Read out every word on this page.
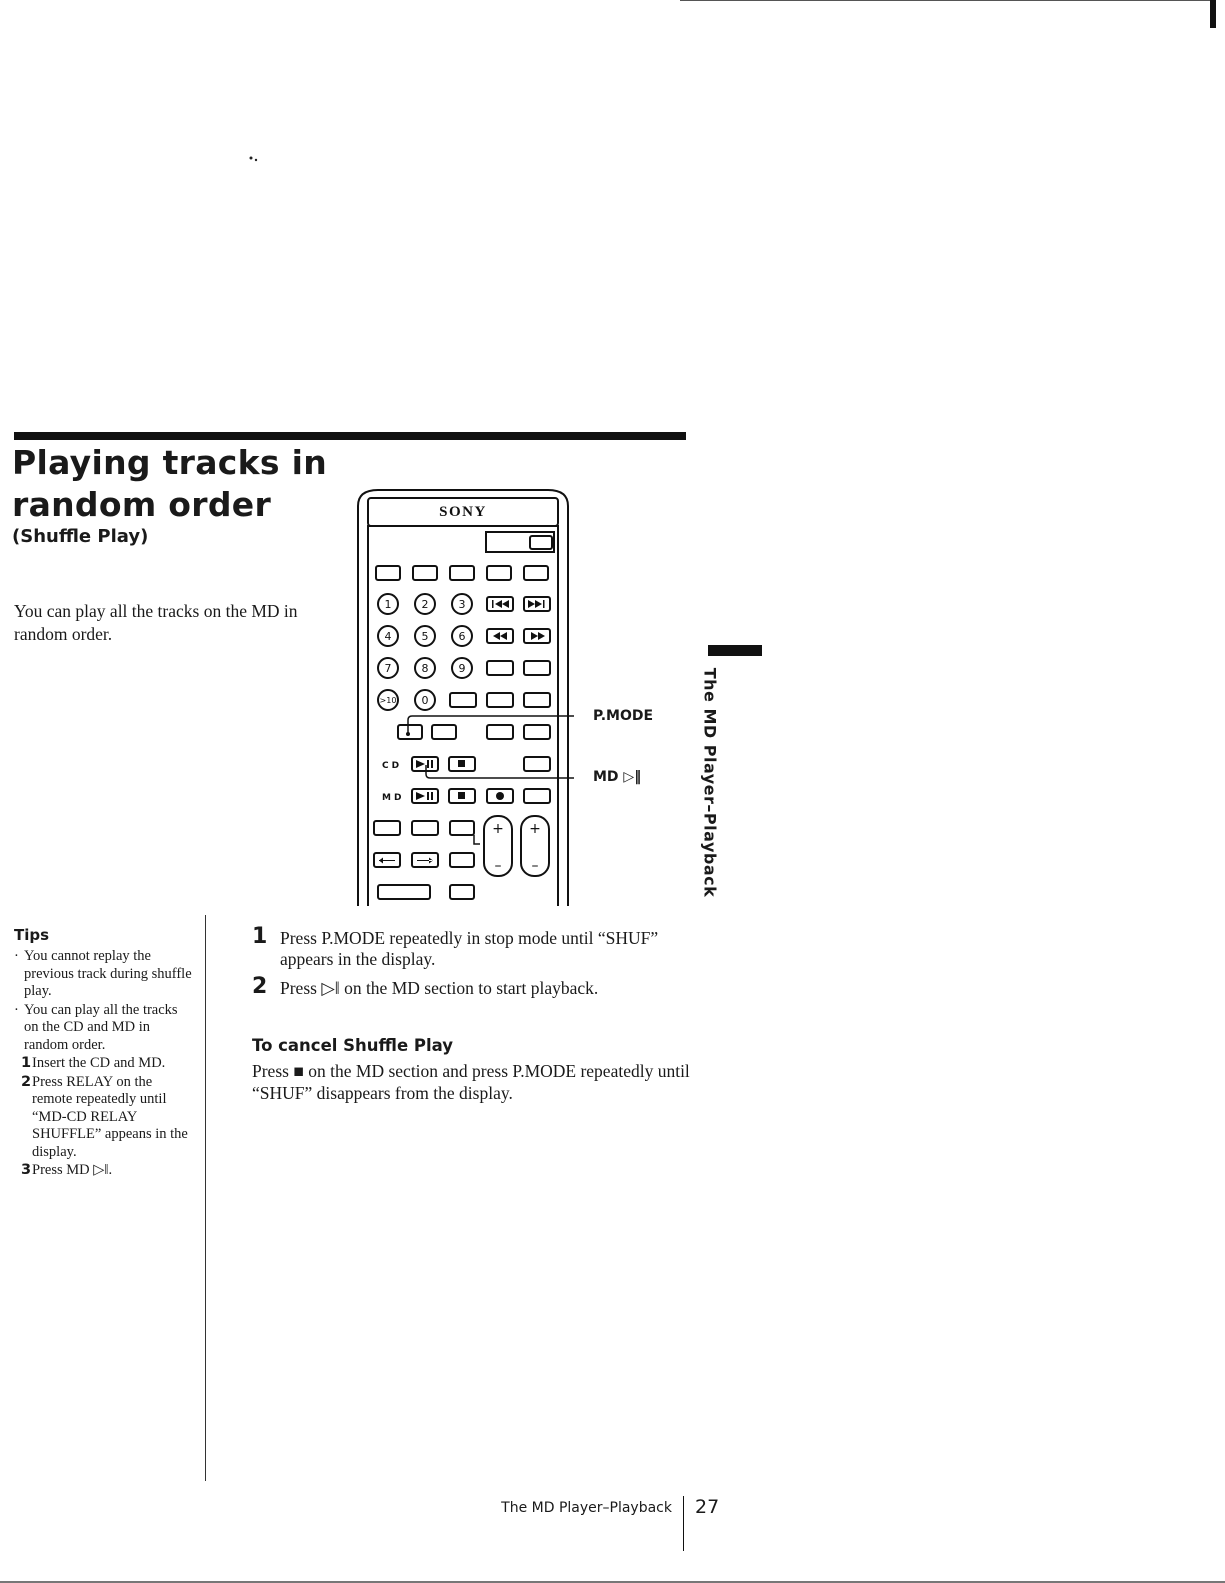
Playing tracks in
random order
(Shuffle Play)
You can play all the tracks on the MD in random order.
SONY
1	2	3
4	5	6
7	8	9
>10 0
CD
MD
+
–
+
–
P.MODE
MD ▷‖	The MD Player–Playback
Tips
· You cannot replay the previous track during shuffle play.
· You can play all the tracks on the CD and MD in random order.
1 Insert the CD and MD.
2 Press RELAY on the remote repeatedly until “MD-CD RELAY SHUFFLE” appeans in the display.
3 Press MD ▷‖.
1 Press P.MODE repeatedly in stop mode until “SHUF” appears in the display.
2 Press ▷‖ on the MD section to start playback.
To cancel Shuffle Play
Press ■ on the MD section and press P.MODE repeatedly until “SHUF” disappears from the display.
The MD Player–Playback 27
